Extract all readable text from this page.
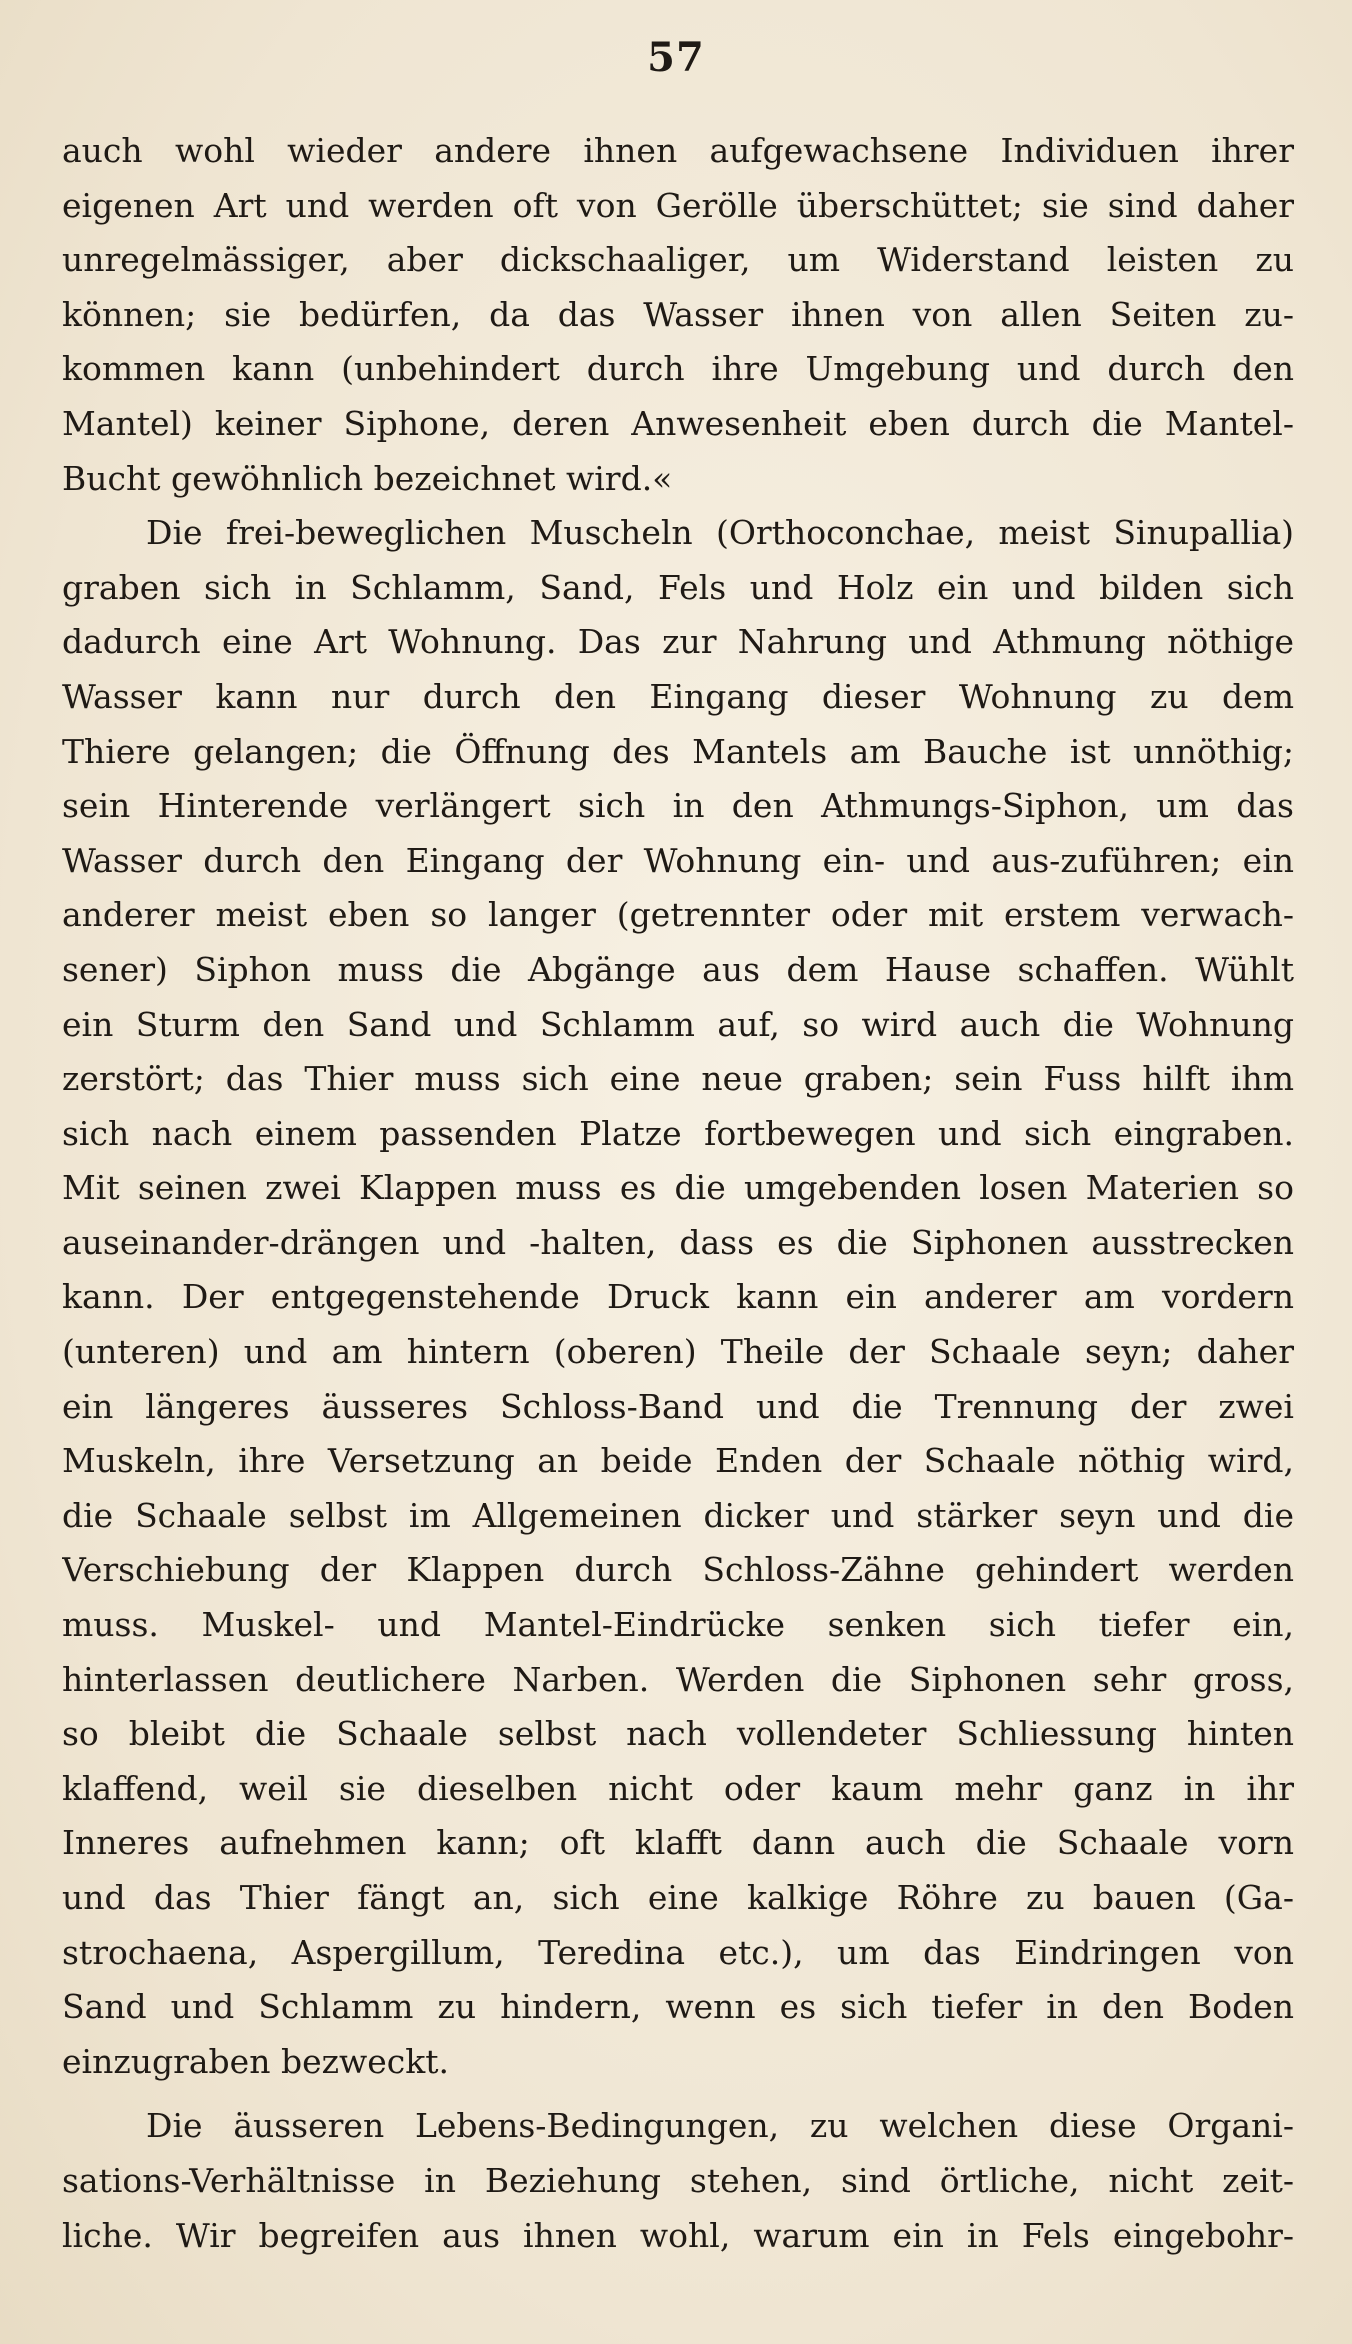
57
auch wohl wieder andere ihnen aufgewachsene Individuen ihrer
eigenen Art und werden oft von Gerölle überschüttet; sie sind daher
unregelmässiger, aber dickschaaliger, um Widerstand leisten zu
können; sie bedürfen, da das Wasser ihnen von allen Seiten zu-
kommen kann (unbehindert durch ihre Umgebung und durch den
Mantel) keiner Siphone, deren Anwesenheit eben durch die Mantel-
Bucht gewöhnlich bezeichnet wird.«
Die frei-beweglichen Muscheln (Orthoconchae, meist Sinupallia)
graben sich in Schlamm, Sand, Fels und Holz ein und bilden sich
dadurch eine Art Wohnung. Das zur Nahrung und Athmung nöthige
Wasser kann nur durch den Eingang dieser Wohnung zu dem
Thiere gelangen; die Öffnung des Mantels am Bauche ist unnöthig;
sein Hinterende verlängert sich in den Athmungs-Siphon, um das
Wasser durch den Eingang der Wohnung ein- und aus-zuführen; ein
anderer meist eben so langer (getrennter oder mit erstem verwach-
sener) Siphon muss die Abgänge aus dem Hause schaffen. Wühlt
ein Sturm den Sand und Schlamm auf, so wird auch die Wohnung
zerstört; das Thier muss sich eine neue graben; sein Fuss hilft ihm
sich nach einem passenden Platze fortbewegen und sich eingraben.
Mit seinen zwei Klappen muss es die umgebenden losen Materien so
auseinander-drängen und -halten, dass es die Siphonen ausstrecken
kann. Der entgegenstehende Druck kann ein anderer am vordern
(unteren) und am hintern (oberen) Theile der Schaale seyn; daher
ein längeres äusseres Schloss-Band und die Trennung der zwei
Muskeln, ihre Versetzung an beide Enden der Schaale nöthig wird,
die Schaale selbst im Allgemeinen dicker und stärker seyn und die
Verschiebung der Klappen durch Schloss-Zähne gehindert werden
muss. Muskel- und Mantel-Eindrücke senken sich tiefer ein,
hinterlassen deutlichere Narben. Werden die Siphonen sehr gross,
so bleibt die Schaale selbst nach vollendeter Schliessung hinten
klaffend, weil sie dieselben nicht oder kaum mehr ganz in ihr
Inneres aufnehmen kann; oft klafft dann auch die Schaale vorn
und das Thier fängt an, sich eine kalkige Röhre zu bauen (Ga-
strochaena, Aspergillum, Teredina etc.), um das Eindringen von
Sand und Schlamm zu hindern, wenn es sich tiefer in den Boden
einzugraben bezweckt.
Die äusseren Lebens-Bedingungen, zu welchen diese Organi-
sations-Verhältnisse in Beziehung stehen, sind örtliche, nicht zeit-
liche. Wir begreifen aus ihnen wohl, warum ein in Fels eingebohr-
